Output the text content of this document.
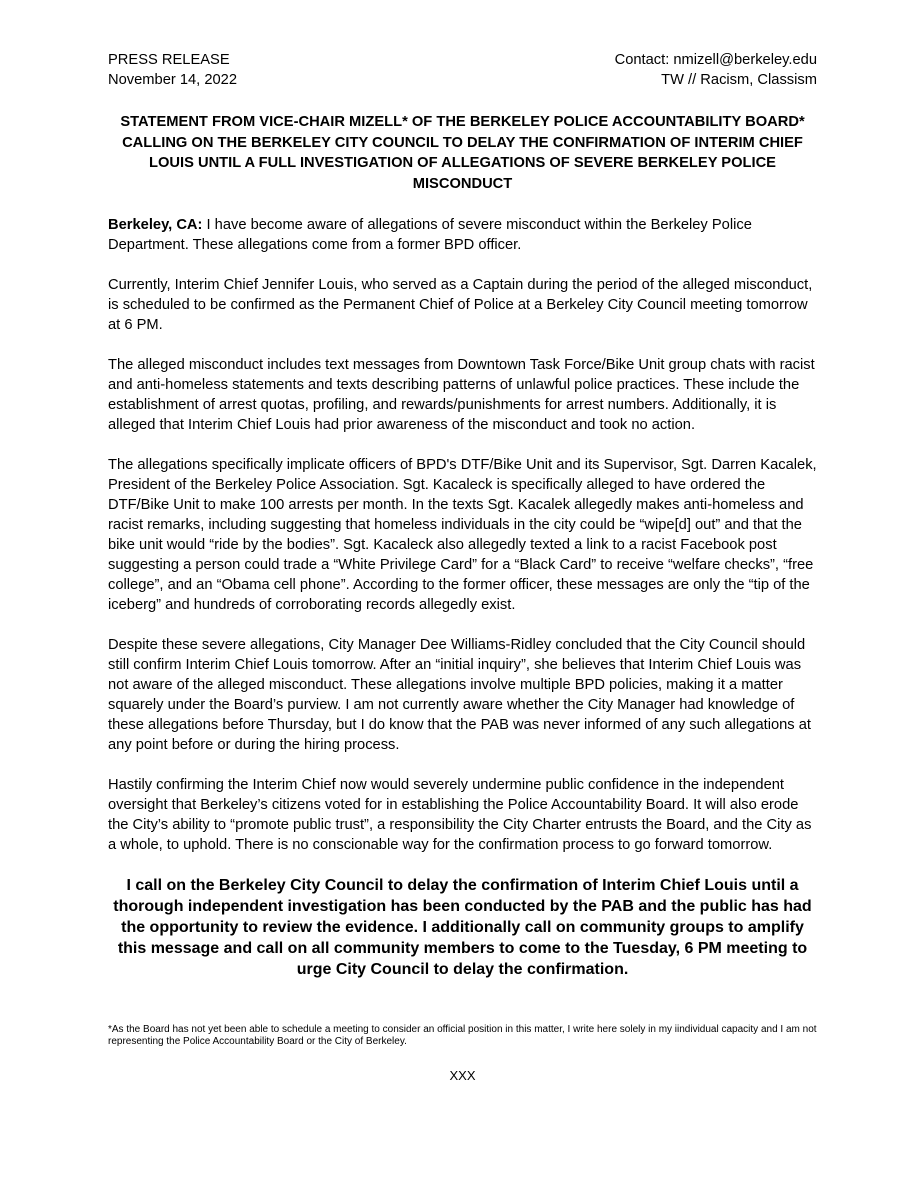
PRESS RELEASE
November 14, 2022
Contact: nmizell@berkeley.edu
TW // Racism, Classism
STATEMENT FROM VICE-CHAIR MIZELL* OF THE BERKELEY POLICE ACCOUNTABILITY BOARD* CALLING ON THE BERKELEY CITY COUNCIL TO DELAY THE CONFIRMATION OF INTERIM CHIEF LOUIS UNTIL A FULL INVESTIGATION OF ALLEGATIONS OF SEVERE BERKELEY POLICE MISCONDUCT

Berkeley, CA: I have become aware of allegations of severe misconduct within the Berkeley Police Department. These allegations come from a former BPD officer.

Currently, Interim Chief Jennifer Louis, who served as a Captain during the period of the alleged misconduct, is scheduled to be confirmed as the Permanent Chief of Police at a Berkeley City Council meeting tomorrow at 6 PM.

The alleged misconduct includes text messages from Downtown Task Force/Bike Unit group chats with racist and anti-homeless statements and texts describing patterns of unlawful police practices. These include the establishment of arrest quotas, profiling, and rewards/punishments for arrest numbers. Additionally, it is alleged that Interim Chief Louis had prior awareness of the misconduct and took no action.

The allegations specifically implicate officers of BPD's DTF/Bike Unit and its Supervisor, Sgt. Darren Kacalek, President of the Berkeley Police Association. Sgt. Kacaleck is specifically alleged to have ordered the DTF/Bike Unit to make 100 arrests per month. In the texts Sgt. Kacalek allegedly makes anti-homeless and racist remarks, including suggesting that homeless individuals in the city could be “wipe[d] out” and that the bike unit would “ride by the bodies”. Sgt. Kacaleck also allegedly texted a link to a racist Facebook post suggesting a person could trade a “White Privilege Card” for a “Black Card” to receive “welfare checks”, “free college”, and an “Obama cell phone”. According to the former officer, these messages are only the “tip of the iceberg” and hundreds of corroborating records allegedly exist.

Despite these severe allegations, City Manager Dee Williams-Ridley concluded that the City Council should still confirm Interim Chief Louis tomorrow. After an “initial inquiry”, she believes that Interim Chief Louis was not aware of the alleged misconduct. These allegations involve multiple BPD policies, making it a matter squarely under the Board’s purview. I am not currently aware whether the City Manager had knowledge of these allegations before Thursday, but I do know that the PAB was never informed of any such allegations at any point before or during the hiring process.

Hastily confirming the Interim Chief now would severely undermine public confidence in the independent oversight that Berkeley’s citizens voted for in establishing the Police Accountability Board. It will also erode the City’s ability to “promote public trust”, a responsibility the City Charter entrusts the Board, and the City as a whole, to uphold. There is no conscionable way for the confirmation process to go forward tomorrow.

I call on the Berkeley City Council to delay the confirmation of Interim Chief Louis until a thorough independent investigation has been conducted by the PAB and the public has had the opportunity to review the evidence. I additionally call on community groups to amplify this message and call on all community members to come to the Tuesday, 6 PM meeting to urge City Council to delay the confirmation.
*As the Board has not yet been able to schedule a meeting to consider an official position in this matter, I write here solely in my iindividual capacity and I am not representing the Police Accountability Board or the City of Berkeley.
XXX
